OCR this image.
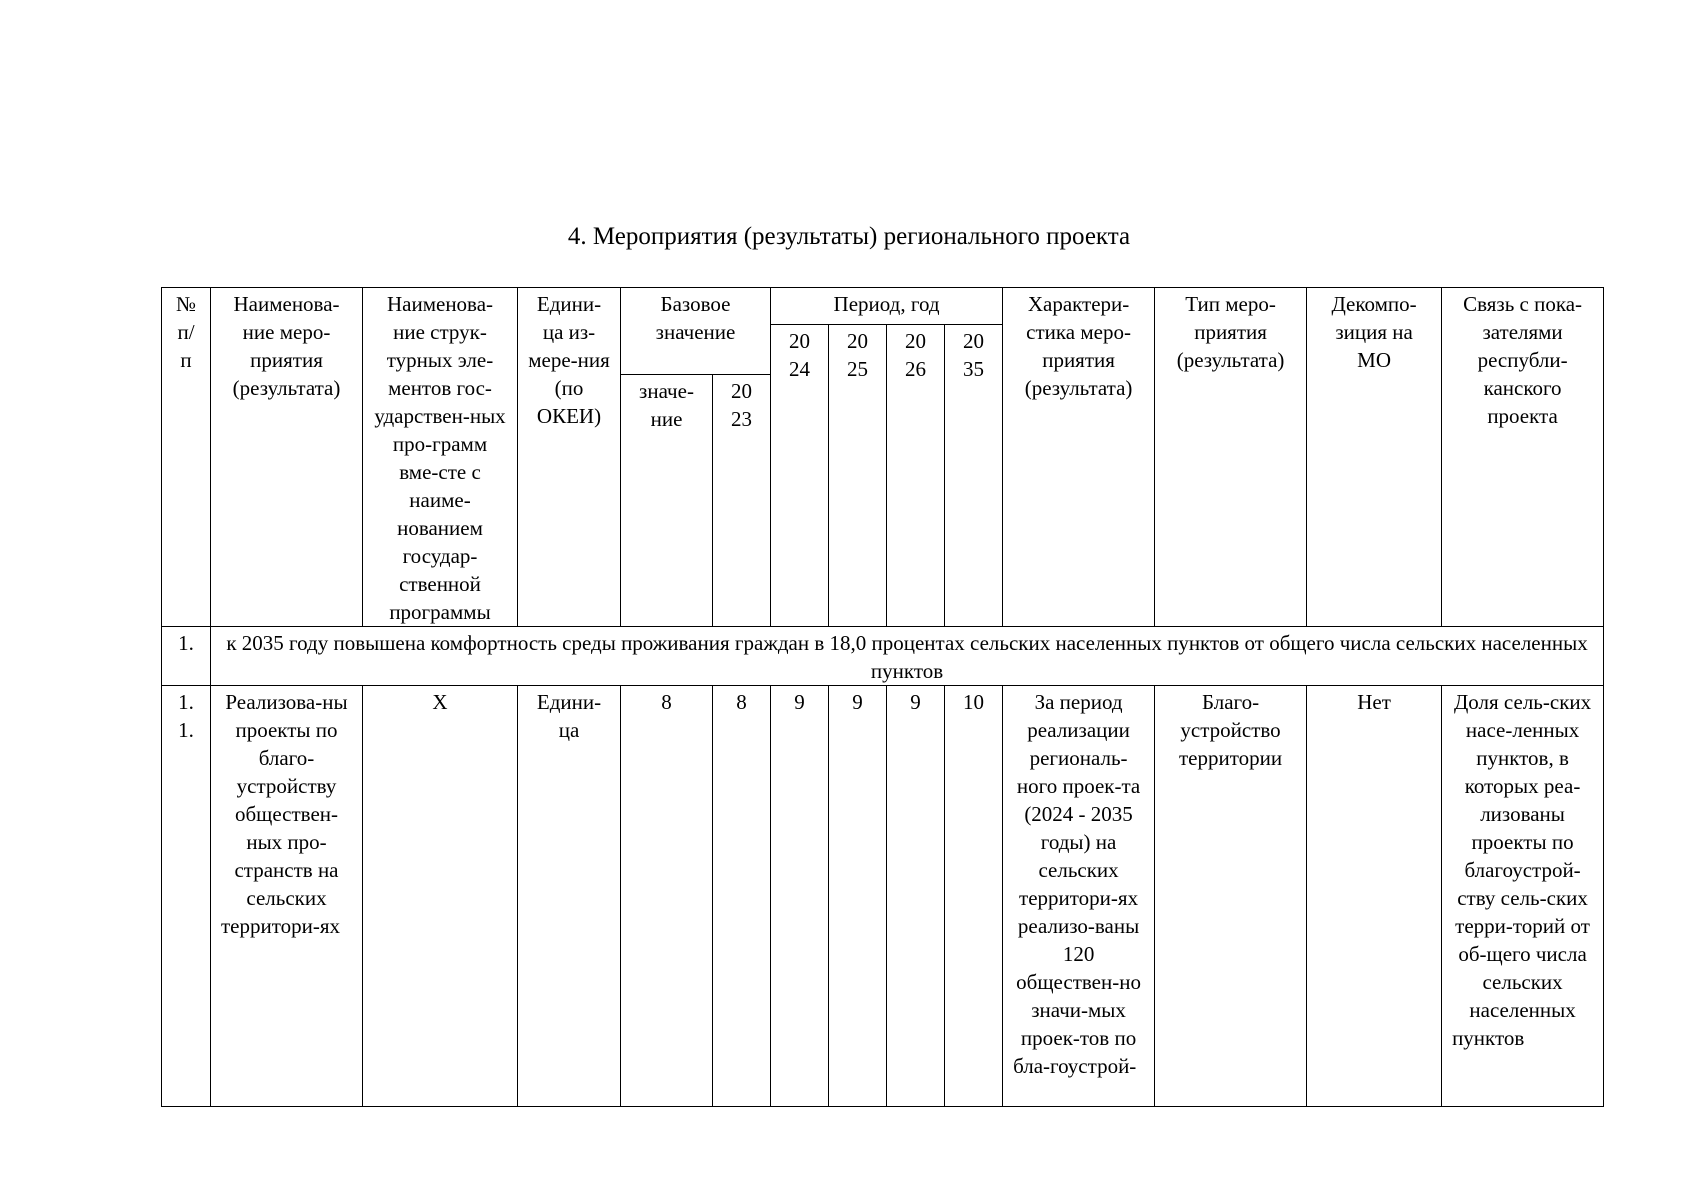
4. Мероприятия (результаты) регионального проекта
№ п/ п	Наименова-ние меро-приятия (результата)	Наименова-ние струк-турных эле-ментов гос-ударствен-ных про-грамм вме-сте с наиме-нованием государ-ственной программы	Едини-ца из-мере-ния (по ОКЕИ)	Базовое значение		Период, год				Характери-стика меро-приятия (результата)	Тип меро-приятия (результата)	Декомпо-зиция на МО	Связь с пока-зателями республи-канского проекта
						20 24	20 25	20 26	20 35				
				значе-ние	20 23								
1.	к 2035 году повышена комфортность среды проживания граждан в 18,0 процентах сельских населенных пунктов от общего числа сельских населенных пунктов												
1. 1.	Реализова-ны проекты по благо-устройству обществен-ных про-странств на сельских территори-ях	Х	Едини-ца	8	8	9	9	9	10	За период реализации региональ-ного проек-та (2024 - 2035 годы) на сельских территори-ях реализо-ваны 120 обществен-но значи-мых проек-тов по бла-гоустрой-	Благо-устройство территории	Нет	Доля сель-ских насе-ленных пунктов, в которых реа-лизованы проекты по благоустрой-ству сель-ских терри-торий от об-щего числа сельских населенных пунктов
